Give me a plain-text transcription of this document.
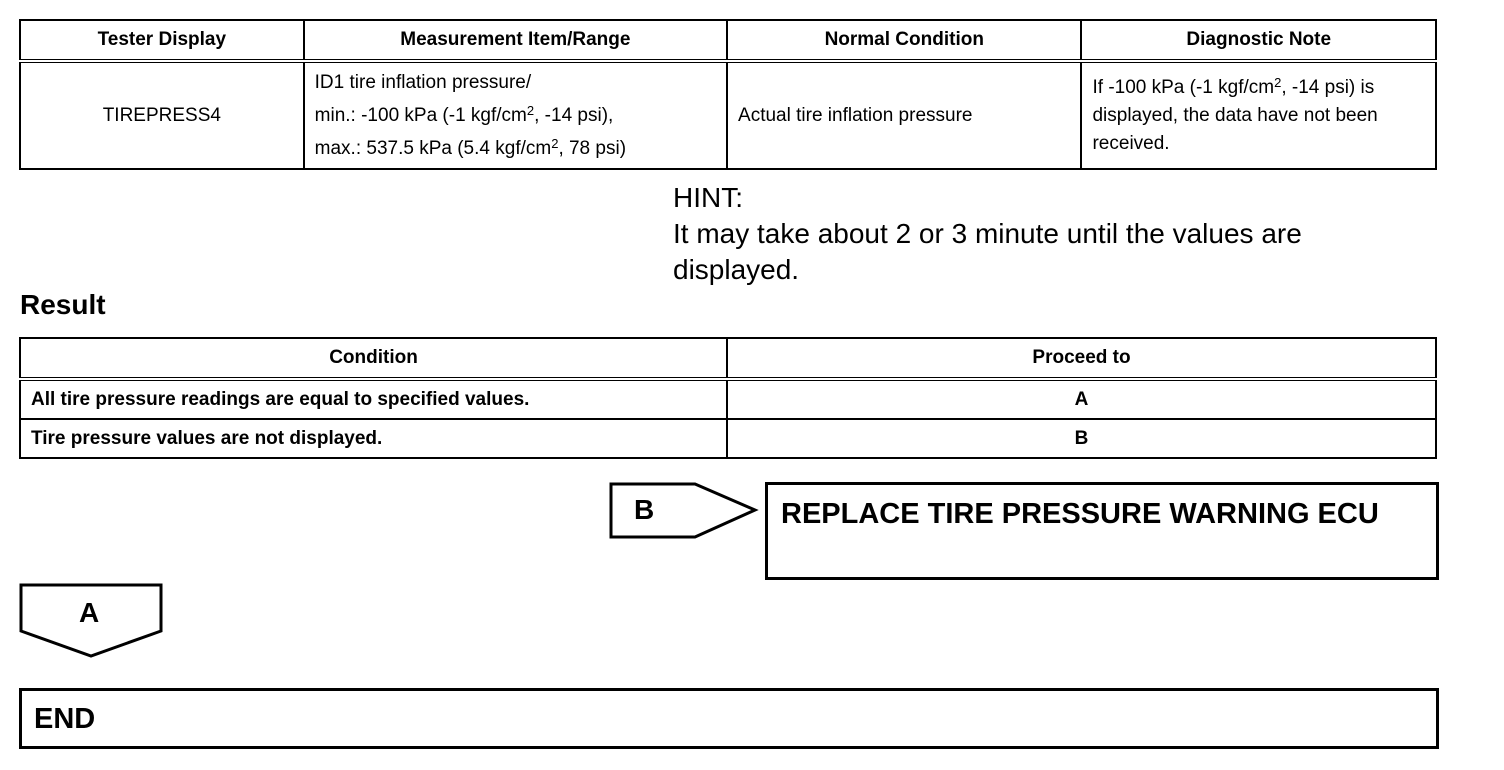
Tester Display	Measurement Item/Range	Normal Condition	Diagnostic Note
TIREPRESS4	ID1 tire inflation pressure/
min.: -100 kPa (-1 kgf/$cm^2$, -14 psi),
max.: 537.5 kPa (5.4 kgf/$cm^2$, 78 psi)	Actual tire inflation pressure	If -100 kPa (-1 kgf/$cm^2$, -14 psi) is displayed, the data have not been received.
HINT:
It may take about 2 or 3 minute until the values are displayed.
Result
Condition	Proceed to
All tire pressure readings are equal to specified values.	A
Tire pressure values are not displayed.	B
B	REPLACE TIRE PRESSURE WARNING ECU
A
END
